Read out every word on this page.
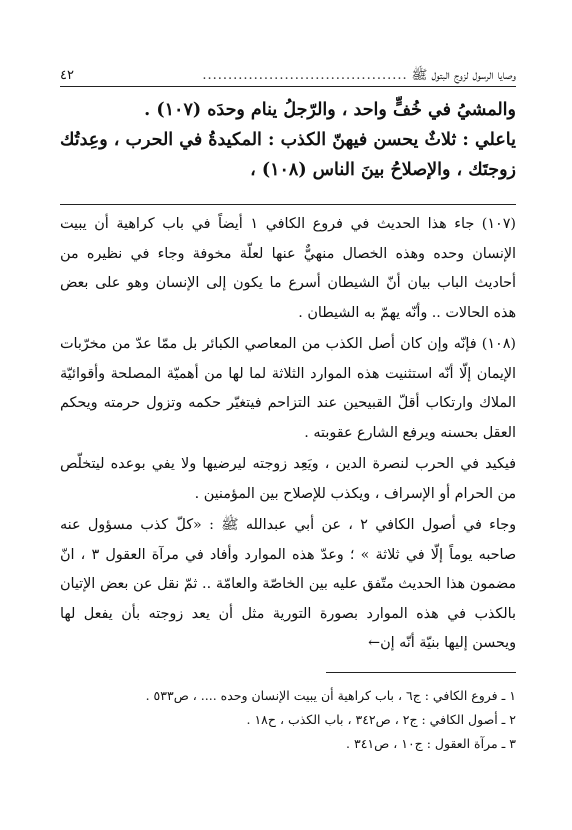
وصايا الرسول لزوج البتول ﷺ
........................................
٤٢

والمشيُ في خُفٍّ واحد ، والرّجلُ ينام وحدَه (١٠٧) .

ياعلي : ثلاثٌ يحسن فيهنّ الكذب : المكيدةُ في الحرب ، وعِدتُك زوجتَك ، والإصلاحُ بينَ الناس (١٠٨) ،

(١٠٧) جاء هذا الحديث في فروع الكافي ١ أيضاً في باب كراهية أن يبيت الإنسان وحده وهذه الخصال منهيٌّ عنها لعلّة مخوفة وجاء في نظيره من أحاديث الباب بيان أنّ الشيطان أسرع ما يكون إلى الإنسان وهو على بعض هذه الحالات .. وأنّه يهمّ به الشيطان .

(١٠٨) فإنّه وإن كان أصل الكذب من المعاصي الكبائر بل ممّا عدّ من مخرّبات الإيمان إلّا أنّه استثنيت هذه الموارد الثلاثة لما لها من أهميّة المصلحة وأقوائيّة الملاك وارتكاب أقلّ القبيحين عند التزاحم فيتغيّر حكمه وتزول حرمته ويحكم العقل بحسنه ويرفع الشارع عقوبته .

فيكيد في الحرب لنصرة الدين ، ويَعِد زوجته ليرضيها ولا يفي بوعده ليتخلّص من الحرام أو الإسراف ، ويكذب للإصلاح بين المؤمنين .

وجاء في أصول الكافي ٢ ، عن أبي عبدالله ﷺ : «كلّ كذب مسؤول عنه صاحبه يوماً إلّا في ثلاثة » ؛ وعدّ هذه الموارد وأفاد في مرآة العقول ٣ ، انّ مضمون هذا الحديث متّفق عليه بين الخاصّة والعامّة .. ثمّ نقل عن بعض الإتيان بالكذب في هذه الموارد بصورة التورية مثل أن يعد زوجته بأن يفعل لها ويحسن إليها بنيّة أنّه إن←

١ ـ فروع الكافي : ج٦ ، باب كراهية أن يبيت الإنسان وحده .... ، ص٥٣٣ .

٢ ـ أصول الكافي : ج٢ ، ص٣٤٢ ، باب الكذب ، ح١٨ .

٣ ـ مرآة العقول : ج١٠ ، ص٣٤١ .
